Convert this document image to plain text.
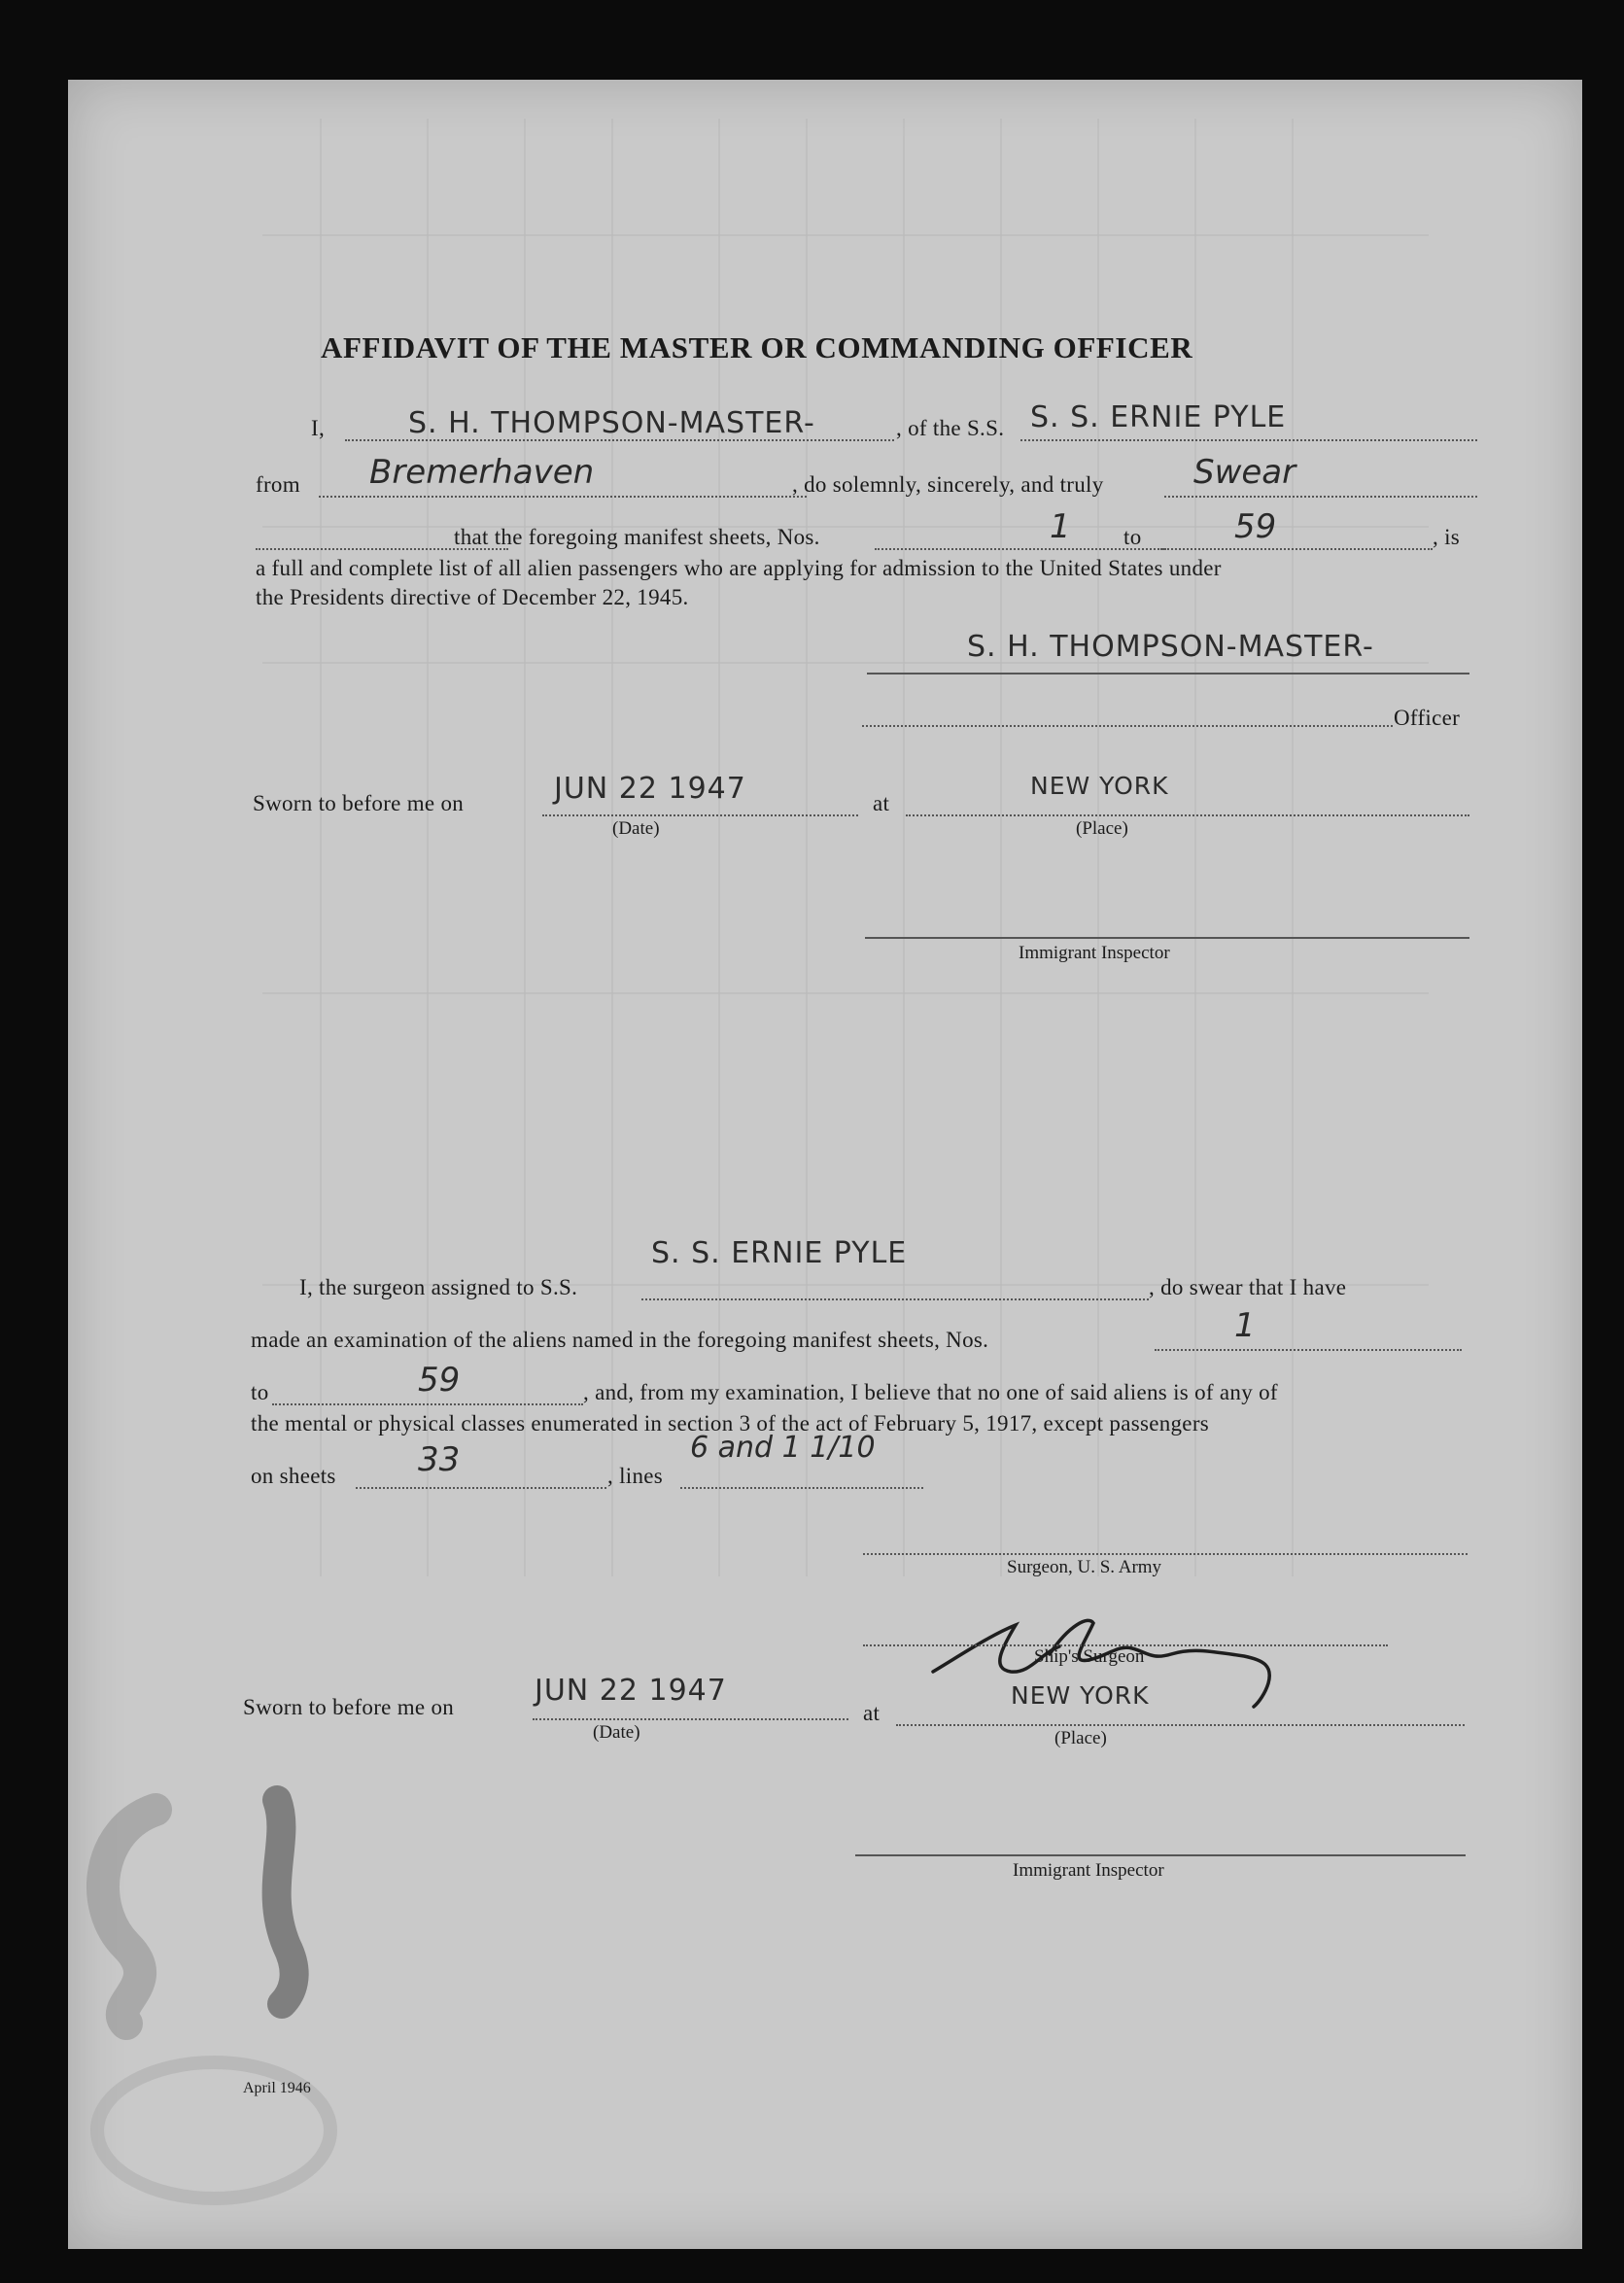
AFFIDAVIT OF THE MASTER OR COMMANDING OFFICER
I,	S. H. THOMPSON-MASTER-	, of the S.S. S. S. ERNIE PYLE
from Bremerhaven	, do solemnly, sincerely, and truly	Swear
that the foregoing manifest sheets, Nos.	1 to	59	, is
a full and complete list of all alien passengers who are applying for admission to the United States under
the Presidents directive of December 22, 1945.
S. H. THOMPSON-MASTER-
Officer
Sworn to before me on	JUN 22 1947
(Date)
at
NEW YORK
(Place)
Immigrant Inspector
S. S. ERNIE PYLE
I, the surgeon assigned to S.S.	, do swear that I have
made an examination of the aliens named in the foregoing manifest sheets, Nos.	1
to	59	, and, from my examination, I believe that no one of said aliens is of any of
the mental or physical classes enumerated in section 3 of the act of February 5, 1917, except passengers
on sheets 33	, lines
6 and 1 1/10
Surgeon, U. S. Army
Ship's Surgeon
Sworn to before me on	JUN 22 1947
(Date)
at
NEW YORK
(Place)
Immigrant Inspector
April 1946
